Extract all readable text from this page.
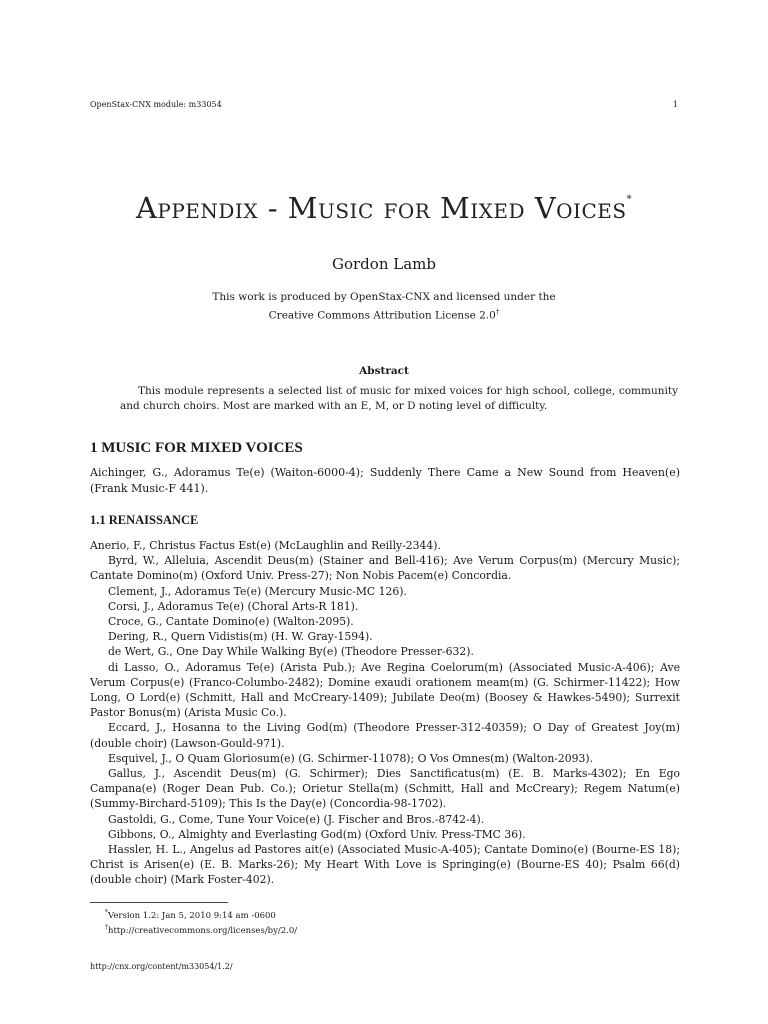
OpenStax-CNX module: m33054	1
Appendix - Music for Mixed Voices*
Gordon Lamb
This work is produced by OpenStax-CNX and licensed under the
Creative Commons Attribution License 2.0†
Abstract
This module represents a selected list of music for mixed voices for high school, college, community and church choirs. Most are marked with an E, M, or D noting level of difficulty.
1 MUSIC FOR MIXED VOICES
Aichinger, G., Adoramus Te(e) (Waiton-6000-4); Suddenly There Came a New Sound from Heaven(e) (Frank Music-F 441).
1.1 RENAISSANCE

Anerio, F., Christus Factus Est(e) (McLaughlin and Reilly-2344).

Byrd, W., Alleluia, Ascendit Deus(m) (Stainer and Bell-416); Ave Verum Corpus(m) (Mercury Music); Cantate Domino(m) (Oxford Univ. Press-27); Non Nobis Pacem(e) Concordia.

Clement, J., Adoramus Te(e) (Mercury Music-MC 126).

Corsi, J., Adoramus Te(e) (Choral Arts-R 181).

Croce, G., Cantate Domino(e) (Walton-2095).

Dering, R., Quern Vidistis(m) (H. W. Gray-1594).

de Wert, G., One Day While Walking By(e) (Theodore Presser-632).

di Lasso, O., Adoramus Te(e) (Arista Pub.); Ave Regina Coelorum(m) (Associated Music-A-406); Ave Verum Corpus(e) (Franco-Columbo-2482); Domine exaudi orationem meam(m) (G. Schirmer-11422); How Long, O Lord(e) (Schmitt, Hall and McCreary-1409); Jubilate Deo(m) (Boosey & Hawkes-5490); Surrexit Pastor Bonus(m) (Arista Music Co.).

Eccard, J., Hosanna to the Living God(m) (Theodore Presser-312-40359); O Day of Greatest Joy(m) (double choir) (Lawson-Gould-971).

Esquivel, J., O Quam Gloriosum(e) (G. Schirmer-11078); O Vos Omnes(m) (Walton-2093).

Gallus, J., Ascendit Deus(m) (G. Schirmer); Dies Sanctificatus(m) (E. B. Marks-4302); En Ego Campana(e) (Roger Dean Pub. Co.); Orietur Stella(m) (Schmitt, Hall and McCreary); Regem Natum(e) (Summy-Birchard-5109); This Is the Day(e) (Concordia-98-1702).

Gastoldi, G., Come, Tune Your Voice(e) (J. Fischer and Bros.-8742-4).

Gibbons, O., Almighty and Everlasting God(m) (Oxford Univ. Press-TMC 36).

Hassler, H. L., Angelus ad Pastores ait(e) (Associated Music-A-405); Cantate Domino(e) (Bourne-ES 18); Christ is Arisen(e) (E. B. Marks-26); My Heart With Love is Springing(e) (Bourne-ES 40); Psalm 66(d) (double choir) (Mark Foster-402).

*Version 1.2: Jan 5, 2010 9:14 am -0600
†http://creativecommons.org/licenses/by/2.0/
http://cnx.org/content/m33054/1.2/
